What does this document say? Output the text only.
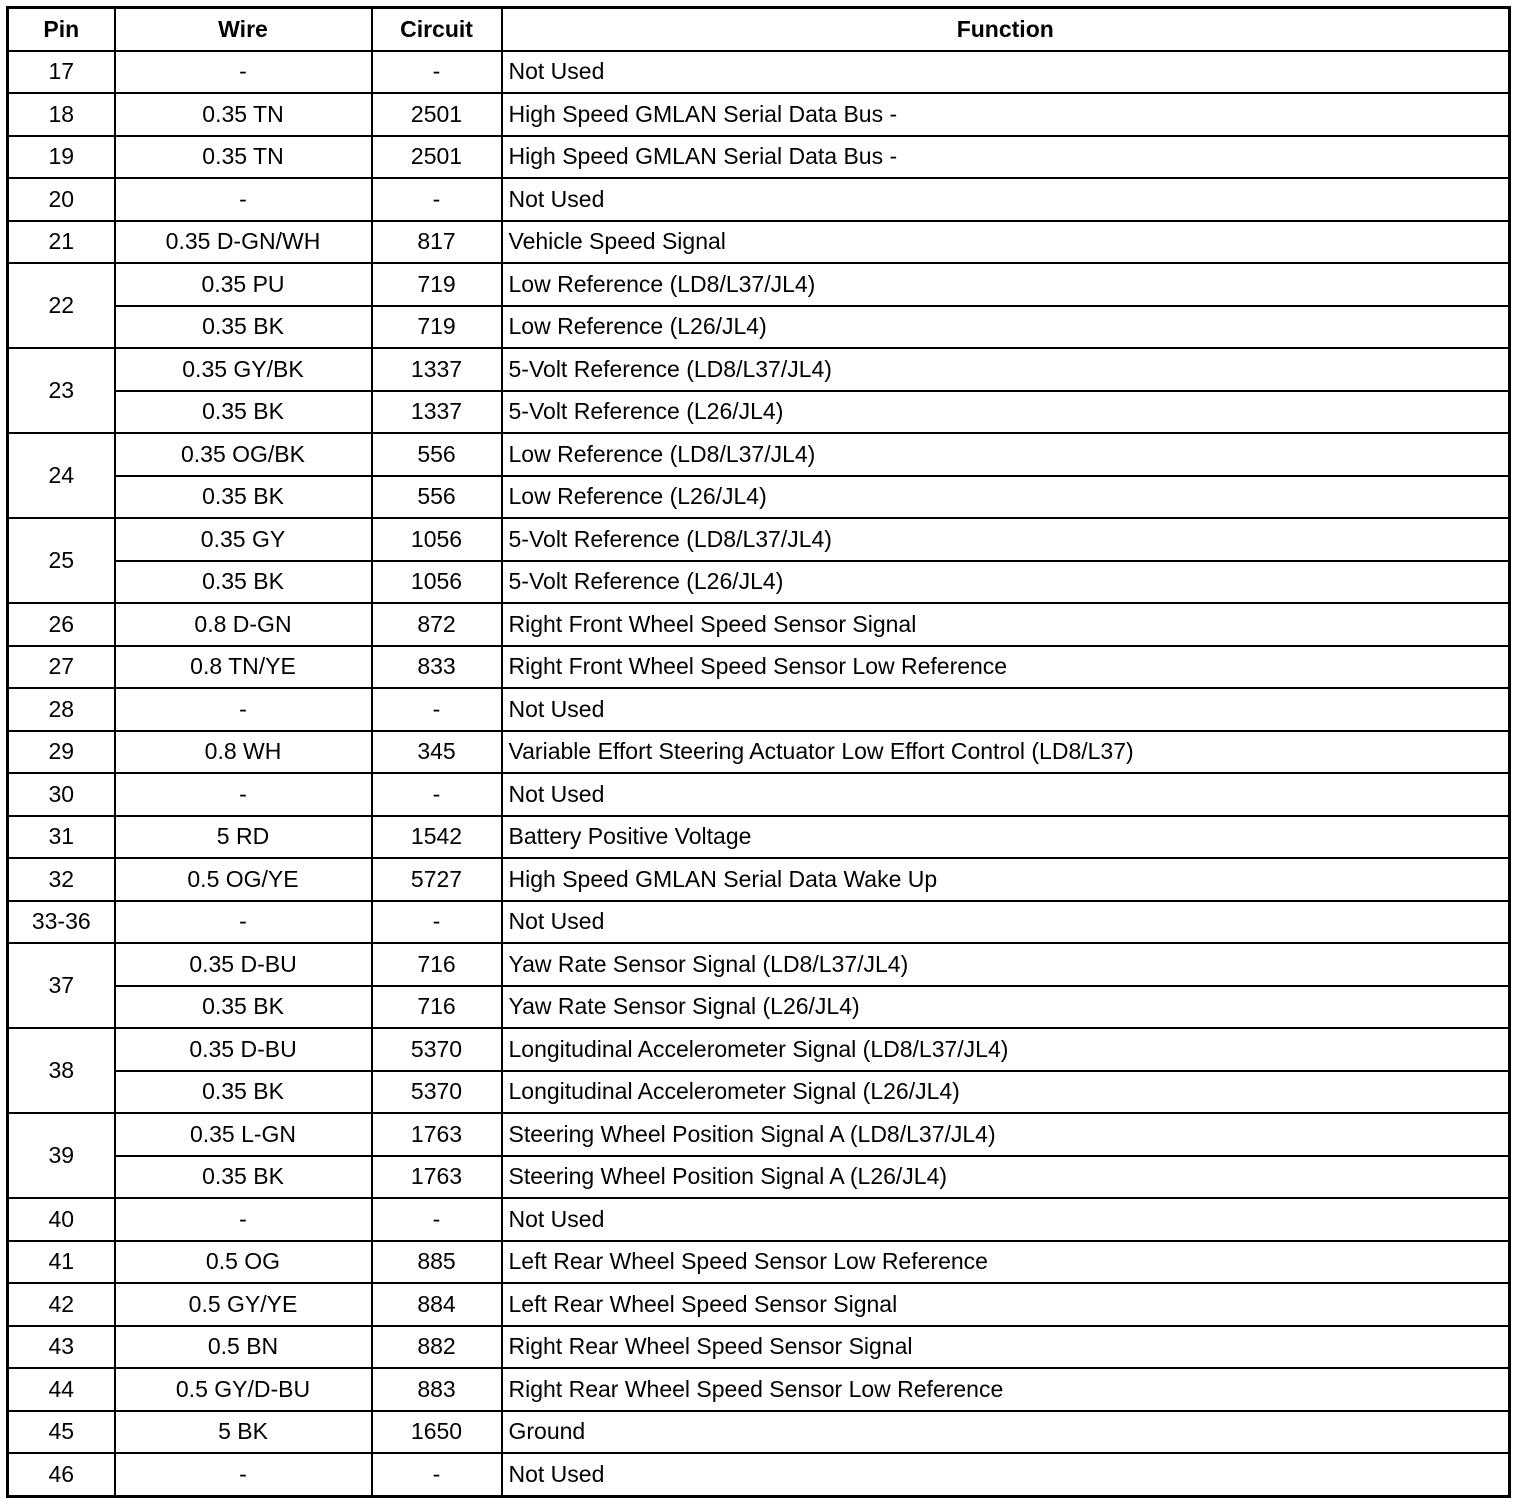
Pin	Wire	Circuit	Function
17	-	-	Not Used
18	0.35 TN	2501	High Speed GMLAN Serial Data Bus -
19	0.35 TN	2501	High Speed GMLAN Serial Data Bus -
20	-	-	Not Used
21	0.35 D-GN/WH	817	Vehicle Speed Signal
22	0.35 PU	719	Low Reference (LD8/L37/JL4)
	0.35 BK	719	Low Reference (L26/JL4)
23	0.35 GY/BK	1337	5-Volt Reference (LD8/L37/JL4)
	0.35 BK	1337	5-Volt Reference (L26/JL4)
24	0.35 OG/BK	556	Low Reference (LD8/L37/JL4)
	0.35 BK	556	Low Reference (L26/JL4)
25	0.35 GY	1056	5-Volt Reference (LD8/L37/JL4)
	0.35 BK	1056	5-Volt Reference (L26/JL4)
26	0.8 D-GN	872	Right Front Wheel Speed Sensor Signal
27	0.8 TN/YE	833	Right Front Wheel Speed Sensor Low Reference
28	-	-	Not Used
29	0.8 WH	345	Variable Effort Steering Actuator Low Effort Control (LD8/L37)
30	-	-	Not Used
31	5 RD	1542	Battery Positive Voltage
32	0.5 OG/YE	5727	High Speed GMLAN Serial Data Wake Up
33-36	-	-	Not Used
37	0.35 D-BU	716	Yaw Rate Sensor Signal (LD8/L37/JL4)
	0.35 BK	716	Yaw Rate Sensor Signal (L26/JL4)
38	0.35 D-BU	5370	Longitudinal Accelerometer Signal (LD8/L37/JL4)
	0.35 BK	5370	Longitudinal Accelerometer Signal (L26/JL4)
39	0.35 L-GN	1763	Steering Wheel Position Signal A (LD8/L37/JL4)
	0.35 BK	1763	Steering Wheel Position Signal A (L26/JL4)
40	-	-	Not Used
41	0.5 OG	885	Left Rear Wheel Speed Sensor Low Reference
42	0.5 GY/YE	884	Left Rear Wheel Speed Sensor Signal
43	0.5 BN	882	Right Rear Wheel Speed Sensor Signal
44	0.5 GY/D-BU	883	Right Rear Wheel Speed Sensor Low Reference
45	5 BK	1650	Ground
46	-	-	Not Used
